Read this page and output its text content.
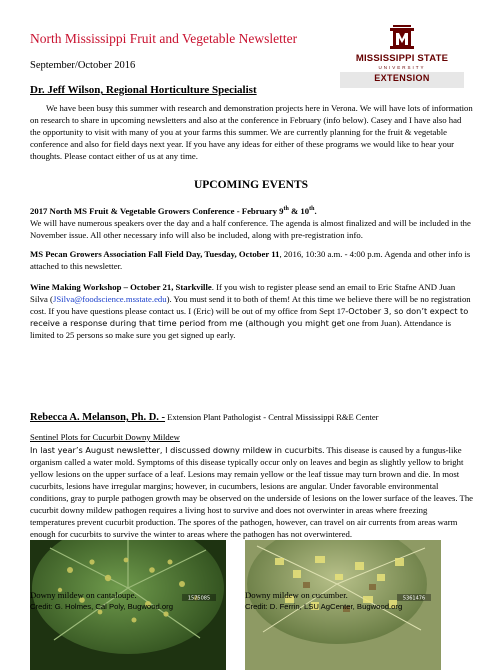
North Mississippi Fruit and Vegetable Newsletter
September/October 2016
MISSISSIPPI STATE
UNIVERSITY
EXTENSION
Dr. Jeff Wilson, Regional Horticulture Specialist

We have been busy this summer with research and demonstration projects here in Verona. We will have lots of information on research to share in upcoming newsletters and also at the conference in February (info below). Casey and I have also had the opportunity to visit with many of you at your farms this summer. We are currently planning for the fruit & vegetable conference and also for field days next year. If you have any ideas for either of these programs we would like to hear your thoughts. Please contact either of us at any time.

UPCOMING EVENTS

2017 North MS Fruit & Vegetable Growers Conference - February 9th & 10th.
We will have numerous speakers over the day and a half conference. The agenda is almost finalized and will be included in the November issue. All other necessary info will also be included, along with pre-registration info.

MS Pecan Growers Association Fall Field Day, Tuesday, October 11, 2016, 10:30 a.m. - 4:00 p.m. Agenda and other info is attached to this newsletter.

Wine Making Workshop – October 21, Starkville. If you wish to register please send an email to Eric Stafne AND Juan Silva (JSilva@foodscience.msstate.edu). You must send it to both of them! At this time we believe there will be no registration cost. If you have questions please contact us. I (Eric) will be out of my office from Sept 17-October 3, so don’t expect to receive a response during that time period from me (although you might get one from Juan). Attendance is limited to 25 persons so make sure you get signed up early.

Rebecca A. Melanson, Ph. D. - Extension Plant Pathologist - Central Mississippi R&E Center
Sentinel Plots for Cucurbit Downy Mildew

In last year’s August newsletter, I discussed downy mildew in cucurbits. This disease is caused by a fungus-like organism called a water mold. Symptoms of this disease typically occur only on leaves and begin as slightly yellow to bright yellow lesions on the upper surface of a leaf. Lesions may remain yellow or the leaf tissue may turn brown and die. In most cucurbits, lesions have irregular margins; however, in cucumbers, lesions are angular. Under favorable environmental conditions, gray to purple pathogen growth may be observed on the underside of lesions on the lower surface of the leaves. The cucurbit downy mildew pathogen requires a living host to survive and does not overwinter in areas where freezing temperatures prevent cucurbit production. The spores of the pathogen, however, can travel on air currents from areas warm enough for cucurbits to survive the winter to areas where the pathogen has not overwintered.

1575085
Downy mildew on cantaloupe.
Credit: G. Holmes, Cal Poly, Bugwood.org
5361476
Downy mildew on cucumber.
Credit: D. Ferrin, LSU AgCenter, Bugwood.org
